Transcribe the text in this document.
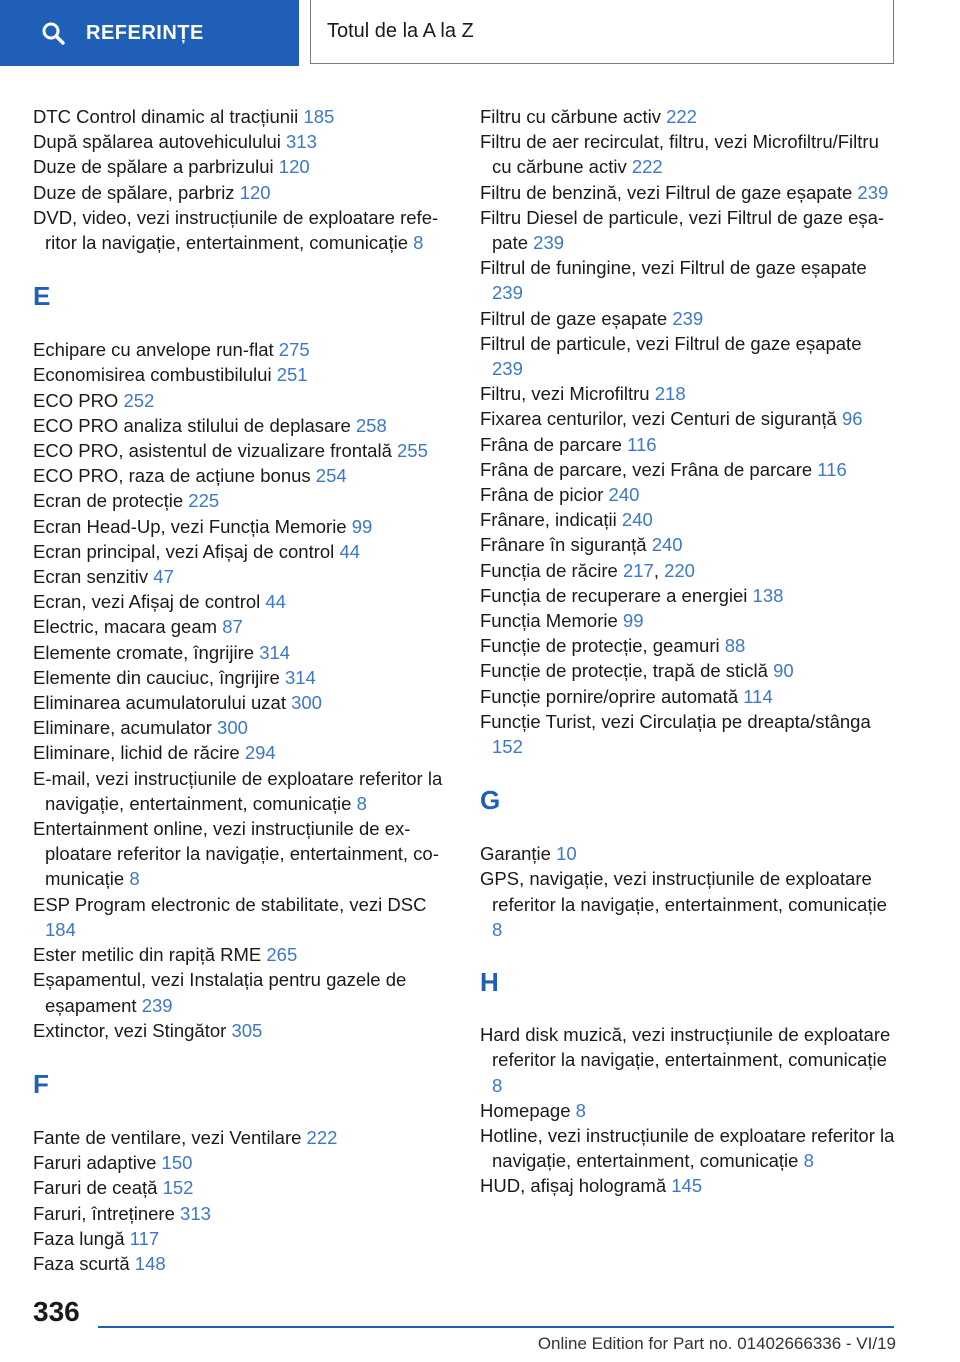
REFERINȚE	Totul de la A la Z
DTC Control dinamic al tracțiunii 185
După spălarea autovehiculului 313
Duze de spălare a parbrizului 120
Duze de spălare, parbriz 120
DVD, video, vezi instrucțiunile de exploatare referitor la navigație, entertainment, comunicație 8
E
Echipare cu anvelope run-flat 275
Economisirea combustibilului 251
ECO PRO 252
ECO PRO analiza stilului de deplasare 258
ECO PRO, asistentul de vizualizare frontală 255
ECO PRO, raza de acțiune bonus 254
Ecran de protecție 225
Ecran Head-Up, vezi Funcția Memorie 99
Ecran principal, vezi Afișaj de control 44
Ecran senzitiv 47
Ecran, vezi Afișaj de control 44
Electric, macara geam 87
Elemente cromate, îngrijire 314
Elemente din cauciuc, îngrijire 314
Eliminarea acumulatorului uzat 300
Eliminare, acumulator 300
Eliminare, lichid de răcire 294
E-mail, vezi instrucțiunile de exploatare referitor la navigație, entertainment, comunicație 8
Entertainment online, vezi instrucțiunile de exploatare referitor la navigație, entertainment, comunicație 8
ESP Program electronic de stabilitate, vezi DSC 184
Ester metilic din rapiță RME 265
Eșapamentul, vezi Instalația pentru gazele de eșapament 239
Extinctor, vezi Stingător 305
F
Fante de ventilare, vezi Ventilare 222
Faruri adaptive 150
Faruri de ceață 152
Faruri, întreținere 313
Faza lungă 117
Faza scurtă 148
Filtru cu cărbune activ 222
Filtru de aer recirculat, filtru, vezi Microfiltru/Filtru cu cărbune activ 222
Filtru de benzină, vezi Filtrul de gaze eșapate 239
Filtru Diesel de particule, vezi Filtrul de gaze eșapate 239
Filtrul de funingine, vezi Filtrul de gaze eșapate 239
Filtrul de gaze eșapate 239
Filtrul de particule, vezi Filtrul de gaze eșapate 239
Filtru, vezi Microfiltru 218
Fixarea centurilor, vezi Centuri de siguranță 96
Frâna de parcare 116
Frâna de parcare, vezi Frâna de parcare 116
Frâna de picior 240
Frânare, indicații 240
Frânare în siguranță 240
Funcția de răcire 217, 220
Funcția de recuperare a energiei 138
Funcția Memorie 99
Funcție de protecție, geamuri 88
Funcție de protecție, trapă de sticlă 90
Funcție pornire/oprire automată 114
Funcție Turist, vezi Circulația pe dreapta/stânga 152
G
Garanție 10
GPS, navigație, vezi instrucțiunile de exploatare referitor la navigație, entertainment, comunicație 8
H
Hard disk muzică, vezi instrucțiunile de exploatare referitor la navigație, entertainment, comunicație 8
Homepage 8
Hotline, vezi instrucțiunile de exploatare referitor la navigație, entertainment, comunicație 8
HUD, afișaj hologramă 145
336
Online Edition for Part no. 01402666336 - VI/19
